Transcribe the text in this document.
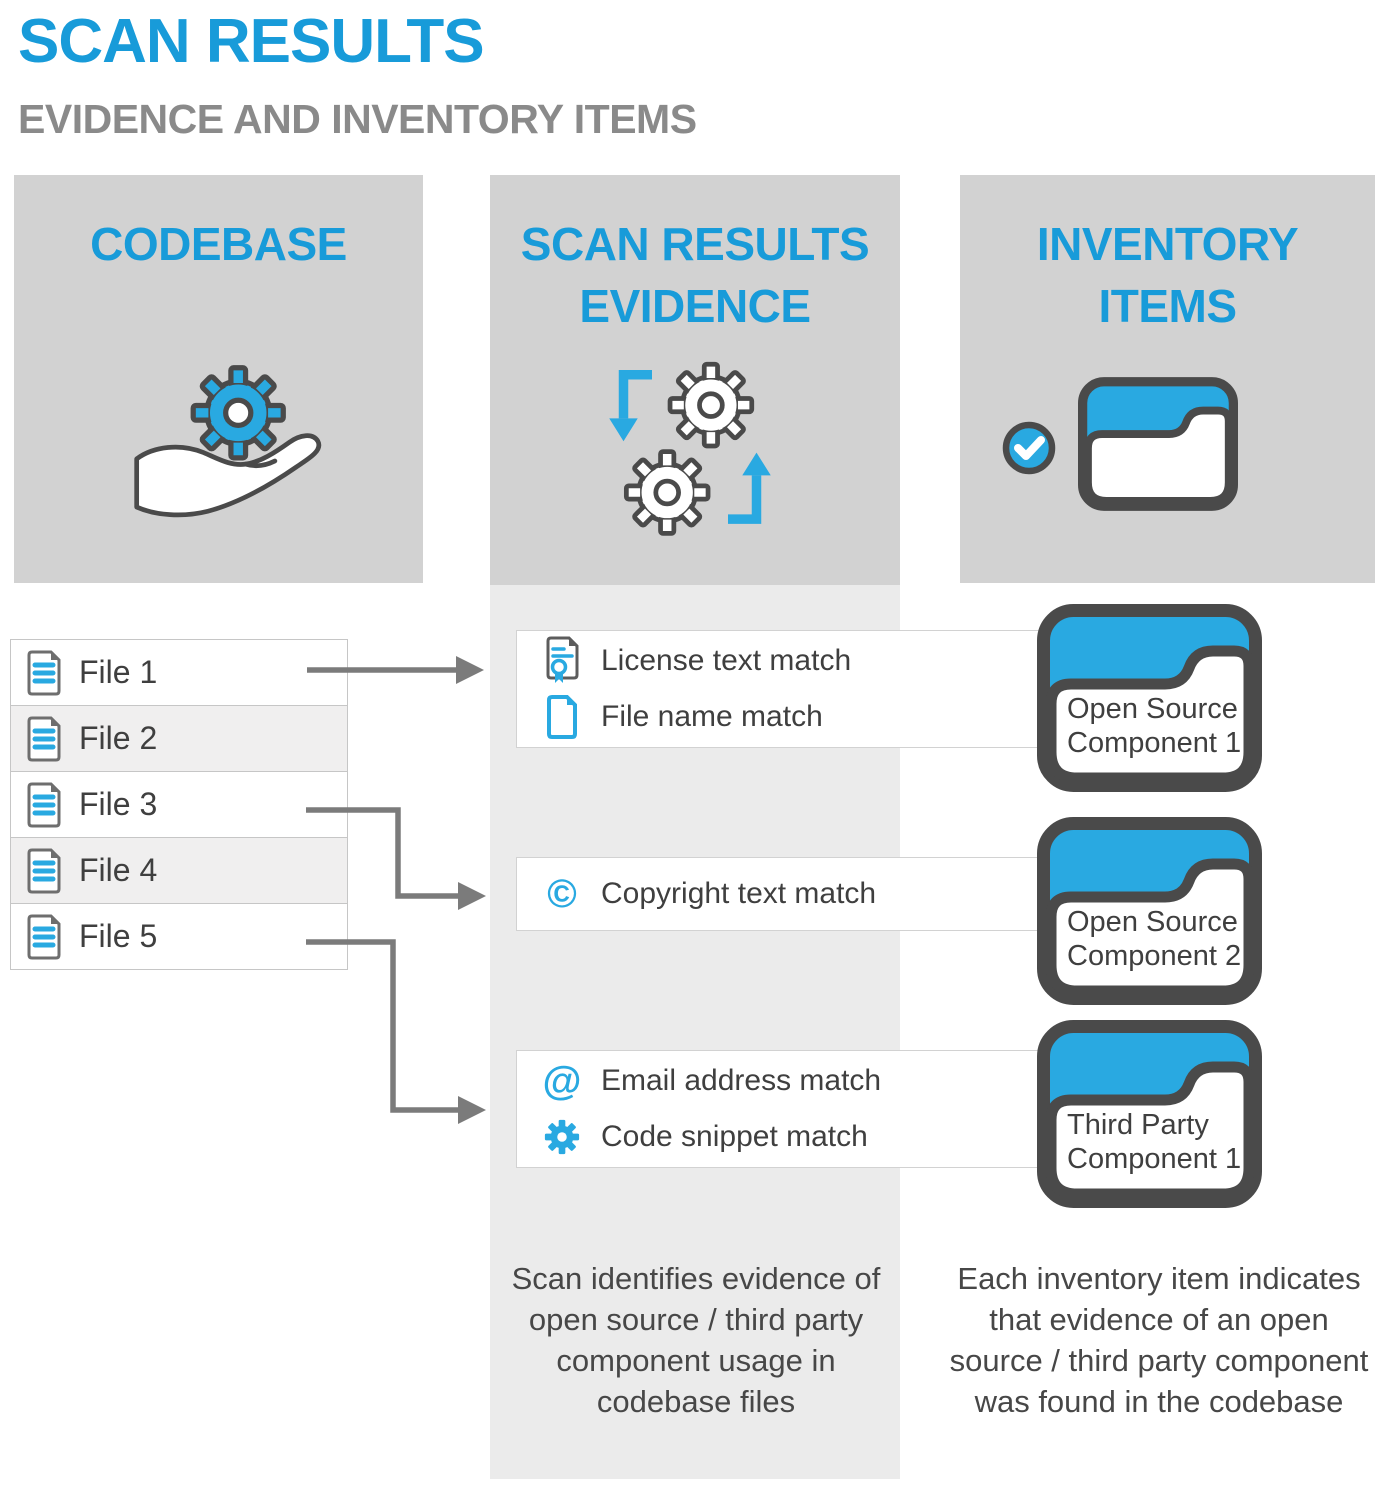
SCAN RESULTS
EVIDENCE AND INVENTORY ITEMS
CODEBASE	SCAN RESULTS EVIDENCE
INVENTORY ITEMS
File 1
File 2
File 3
File 4
File 5
License text match
File name match
© Copyright text match
@ Email address match
Code snippet match
Open Source Component 1
Open Source Component 2
Third Party Component 1
Scan identifies evidence of open source / third party component usage in codebase files
Each inventory item indicates that evidence of an open source / third party component was found in the codebase
